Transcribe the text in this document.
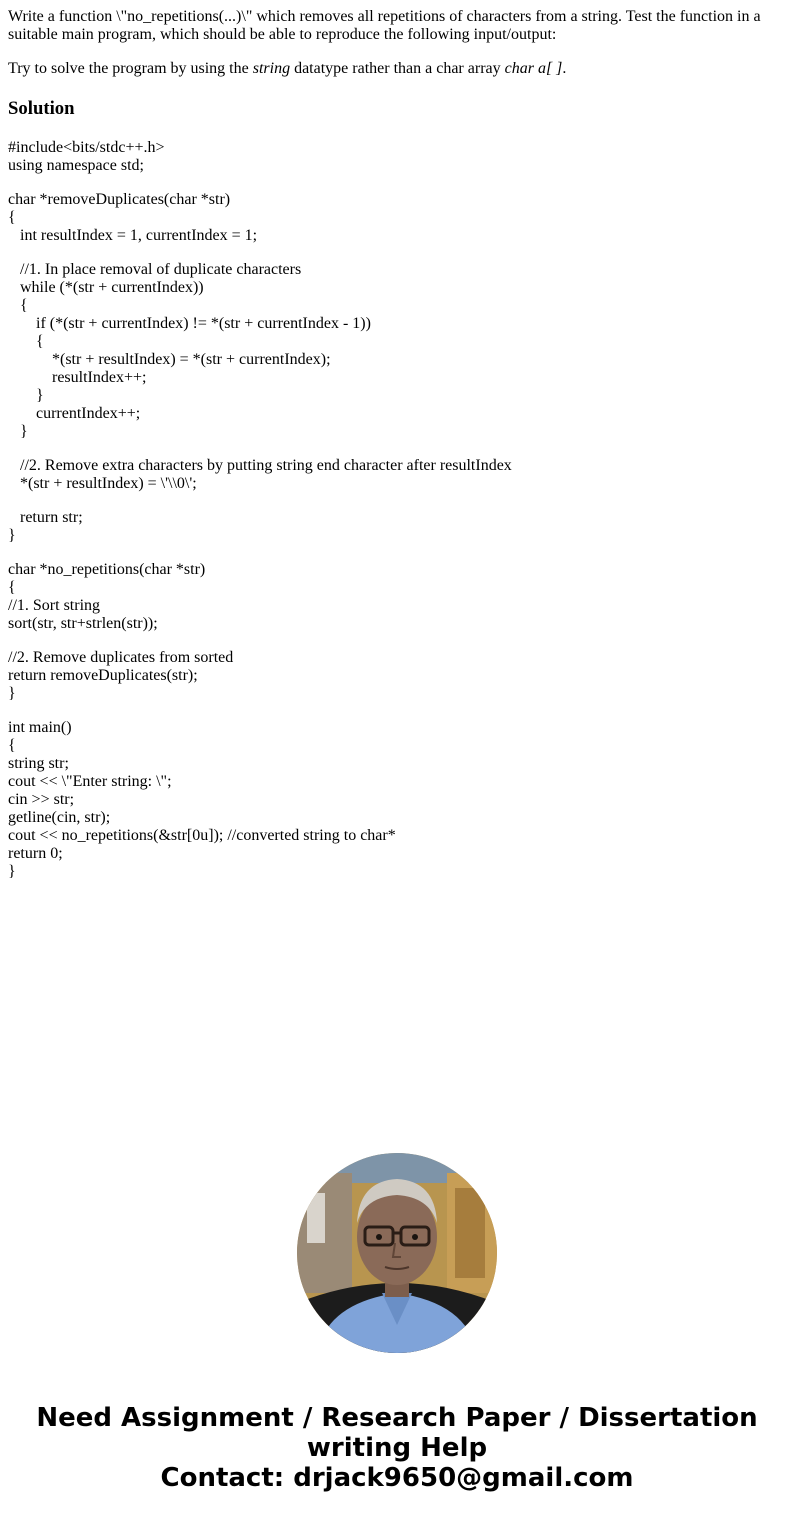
Write a function \"no_repetitions(...)\" which removes all repetitions of characters from a string. Test the function in a suitable main program, which should be able to reproduce the following input/output:

Try to solve the program by using the string datatype rather than a char array char a[ ].

Solution
#include<bits/stdc++.h>
using namespace std;
char *removeDuplicates(char *str)
{
int resultIndex = 1, currentIndex = 1;
//1. In place removal of duplicate characters
while (*(str + currentIndex))
{
if (*(str + currentIndex) != *(str + currentIndex - 1))
{
*(str + resultIndex) = *(str + currentIndex);
resultIndex++;
}
currentIndex++;
}
//2. Remove extra characters by putting string end character after resultIndex
*(str + resultIndex) = \'\\0\';
return str;
}
char *no_repetitions(char *str)
{
//1. Sort string
sort(str, str+strlen(str));
//2. Remove duplicates from sorted
return removeDuplicates(str);
}
int main()
{
string str;
cout << \"Enter string: \";
cin >> str;
getline(cin, str);
cout << no_repetitions(&str[0u]); //converted string to char*
return 0;
}
Need Assignment / Research Paper / Dissertation
writing Help
Contact: drjack9650@gmail.com
